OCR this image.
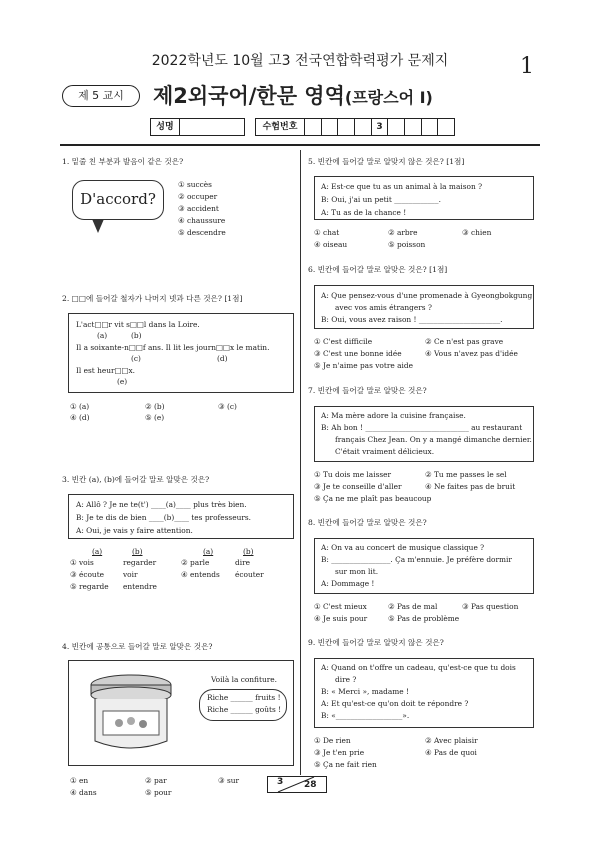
2022학년도 10월 고3 전국연합학력평가 문제지	1
제 5 교시	제2외국어/한문 영역(프랑스어 Ⅰ)
성명	수험번호	3
1. 밑줄 친 부분과 발음이 같은 것은?
D'accord?
① succès
② occuper
③ accident
④ chaussure
⑤ descendre
2. □□에 들어갈 철자가 나머지 넷과 다른 것은? [1점]
L'act□□r vit s□□l dans la Loire.
(a)	(b)
Il a soixante-n□□f ans. Il lit les journ□□x le matin.
(c)	(d)
Il est heur□□x.
(e)
① (a)	② (b)	③ (c)
④ (d)	⑤ (e)
3. 빈칸 (a), (b)에 들어갈 말로 알맞은 것은?
A: Allô ? Je ne te(t') ____(a)____ plus très bien.
B: Je te dis de bien ____(b)____ tes professeurs.
A: Oui, je vais y faire attention.
(a)	(b)	(a)	(b)
① vois	regarder	② parle	dire
③ écoute	voir	④ entends écouter
⑤ regarde entendre
4. 빈칸에 공통으로 들어갈 말로 알맞은 것은?
Voilà la confiture.
Riche ______ fruits !
Riche ______ goûts !
① en	② par	③ sur
④ dans	⑤ pour
5. 빈칸에 들어갈 말로 알맞지 않은 것은? [1점]
A: Est-ce que tu as un animal à la maison ?
B: Oui, j'ai un petit ____________.
A: Tu as de la chance !
① chat	② arbre	③ chien
④ oiseau	⑤ poisson
6. 빈칸에 들어갈 말로 알맞은 것은? [1점]
A: Que pensez-vous d'une promenade à Gyeongbokgung
avec vos amis étrangers ?
B: Oui, vous avez raison ! ______________________.
① C'est difficile	② Ce n'est pas grave
③ C'est une bonne idée	④ Vous n'avez pas d'idée
⑤ Je n'aime pas votre aide
7. 빈칸에 들어갈 말로 알맞은 것은?
A: Ma mère adore la cuisine française.
B: Ah bon ! ____________________________ au restaurant
français Chez Jean. On y a mangé dimanche dernier.
C'était vraiment délicieux.
① Tu dois me laisser	② Tu me passes le sel
③ Je te conseille d'aller	④ Ne faites pas de bruit
⑤ Ça ne me plaît pas beaucoup
8. 빈칸에 들어갈 말로 알맞은 것은?
A: On va au concert de musique classique ?
B: ________________. Ça m'ennuie. Je préfère dormir
sur mon lit.
A: Dommage !
① C'est mieux	② Pas de mal	③ Pas question
④ Je suis pour	⑤ Pas de problème
9. 빈칸에 들어갈 말로 알맞지 않은 것은?
A: Quand on t'offre un cadeau, qu'est-ce que tu dois
dire ?
B: « Merci », madame !
A: Et qu'est-ce qu'on doit te répondre ?
B: «__________________».
① De rien	② Avec plaisir
③ Je t'en prie	④ Pas de quoi
⑤ Ça ne fait rien
3 28
